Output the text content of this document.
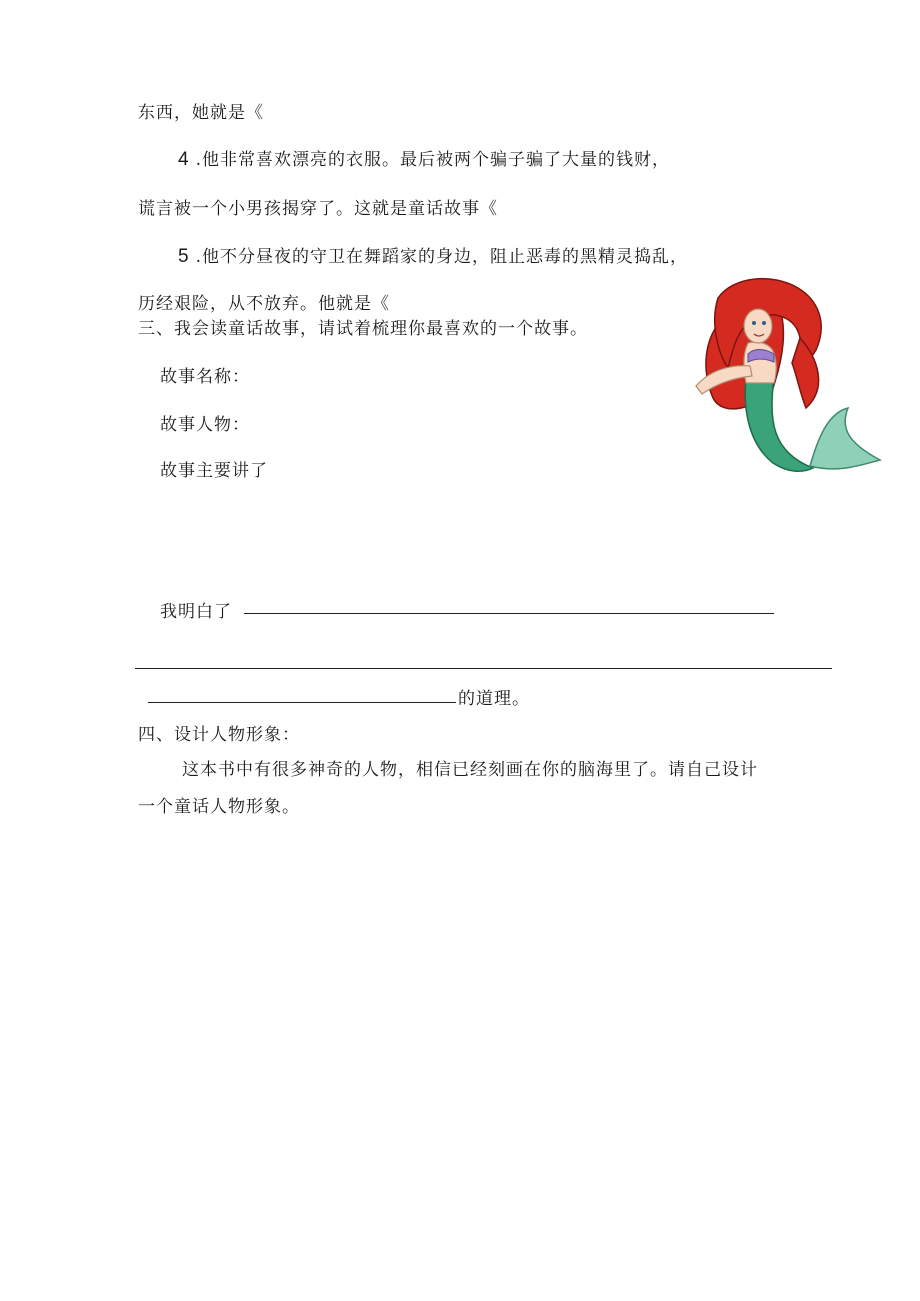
东西，她就是《
4 .他非常喜欢漂亮的衣服。最后被两个骗子骗了大量的钱财，
谎言被一个小男孩揭穿了。这就是童话故事《
5 .他不分昼夜的守卫在舞蹈家的身边，阻止恶毒的黑精灵捣乱，
历经艰险，从不放弃。他就是《
三、我会读童话故事，请试着梳理你最喜欢的一个故事。
故事名称：
故事人物：
故事主要讲了
我明白了
的道理。
四、设计人物形象：
这本书中有很多神奇的人物，相信已经刻画在你的脑海里了。请自己设计
一个童话人物形象。
